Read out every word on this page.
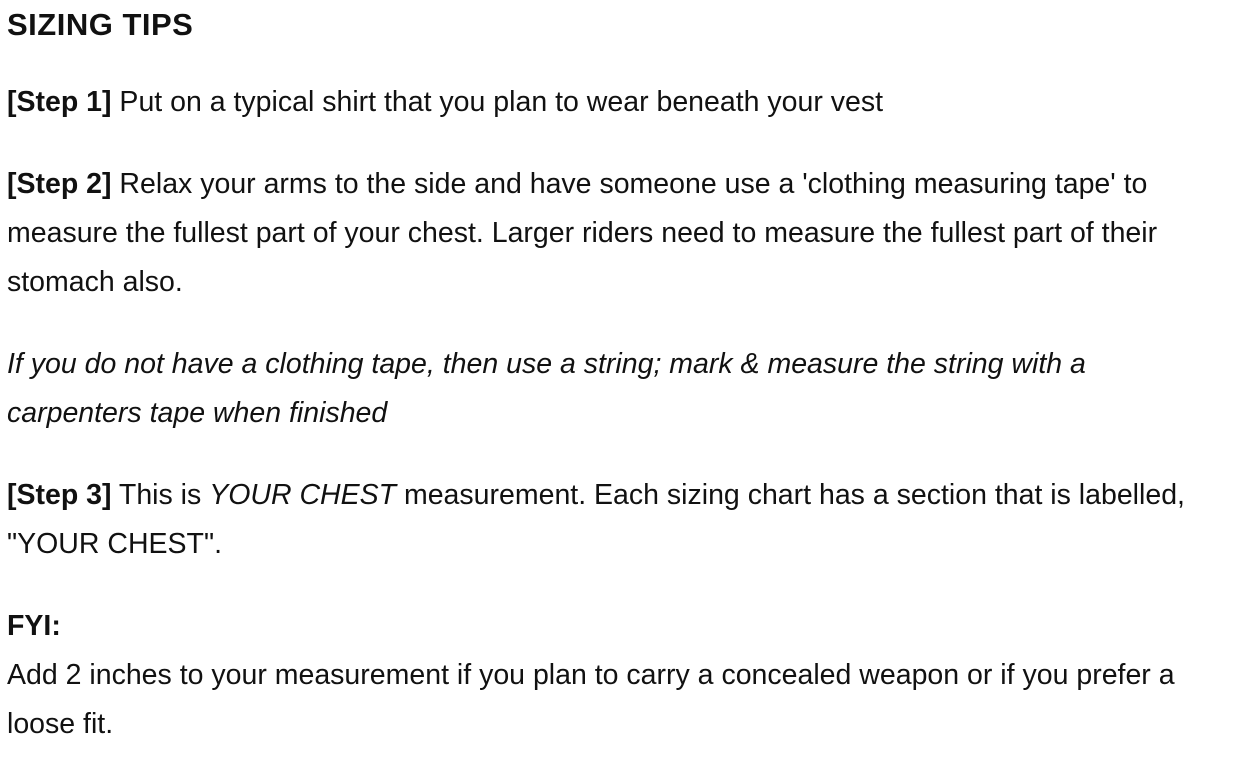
SIZING TIPS

[Step 1] Put on a typical shirt that you plan to wear beneath your vest

[Step 2] Relax your arms to the side and have someone use a 'clothing measuring tape' to measure the fullest part of your chest. Larger riders need to measure the fullest part of their stomach also.

If you do not have a clothing tape, then use a string; mark & measure the string with a carpenters tape when finished

[Step 3] This is YOUR CHEST measurement. Each sizing chart has a section that is labelled, "YOUR CHEST".

FYI:
Add 2 inches to your measurement if you plan to carry a concealed weapon or if you prefer a loose fit.
